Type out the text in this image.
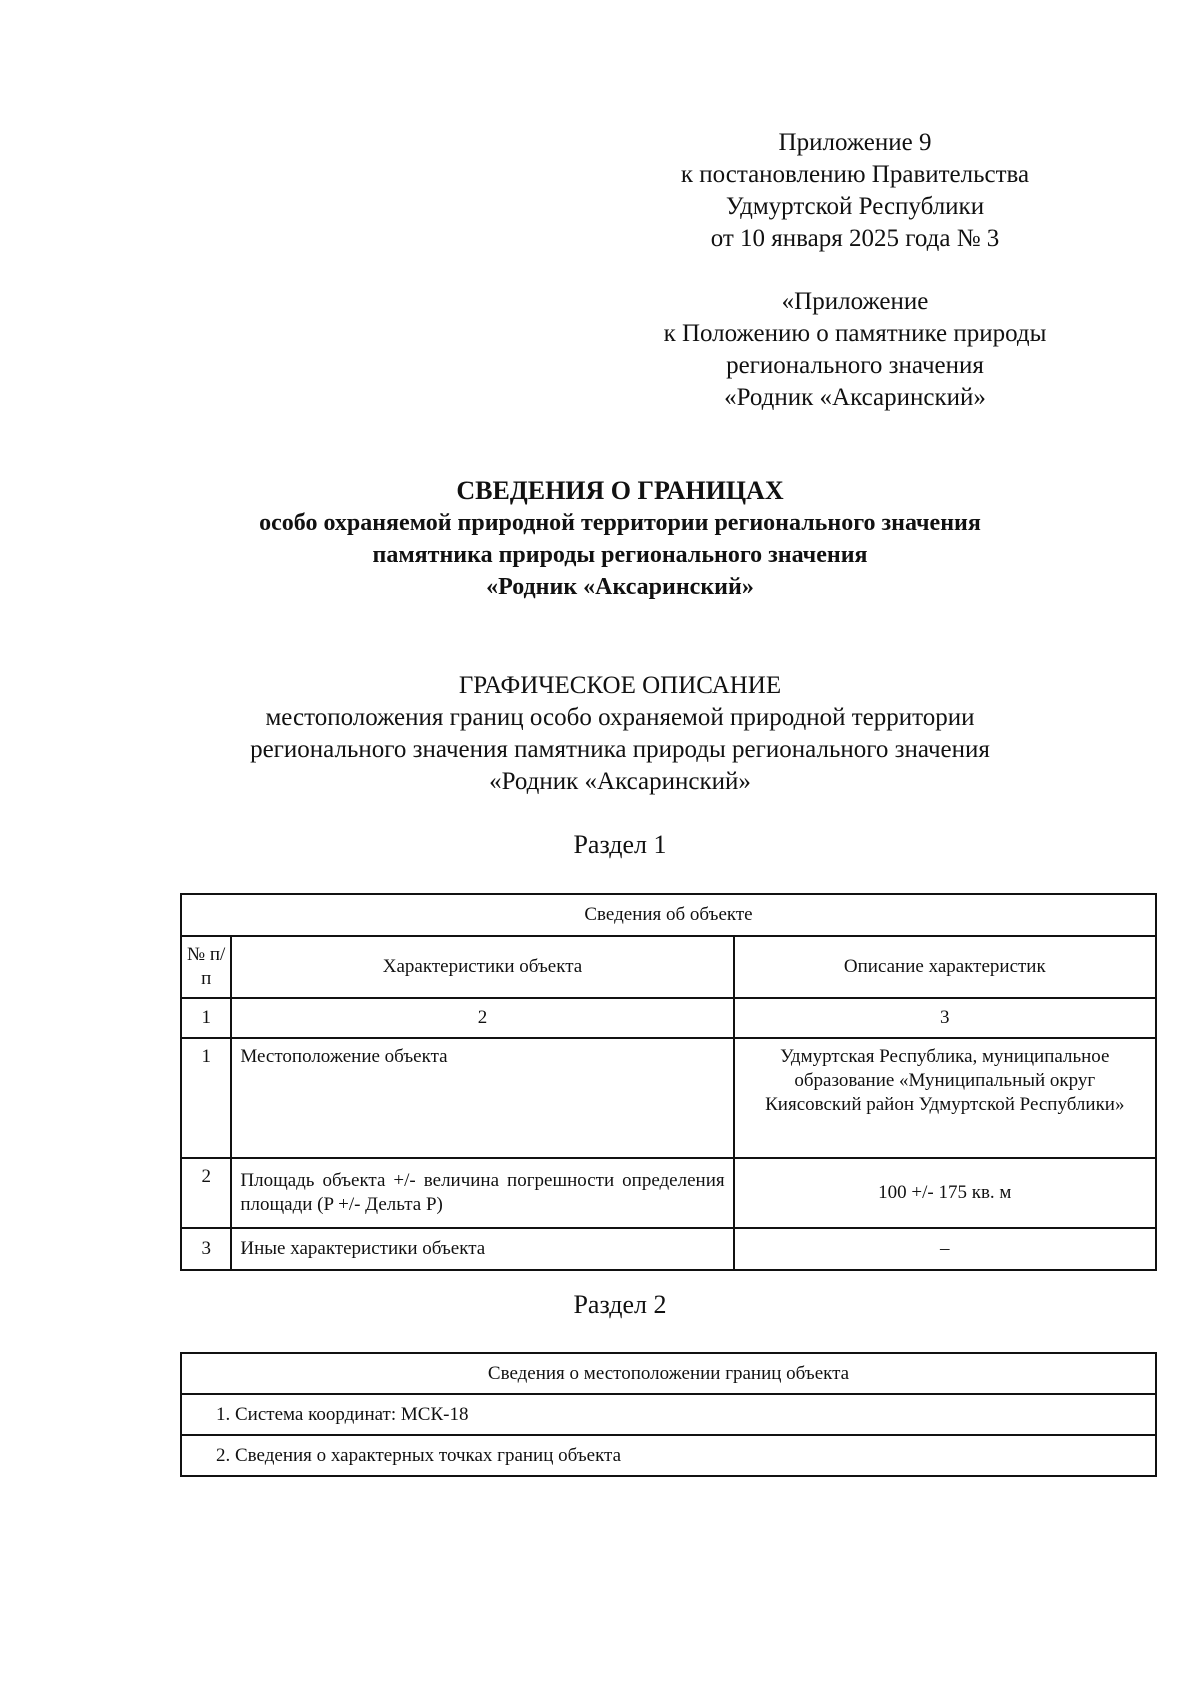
Приложение 9
к постановлению Правительства
Удмуртской Республики
от 10 января 2025 года № 3
«Приложение
к Положению о памятнике природы
регионального значения
«Родник «Аксаринский»
СВЕДЕНИЯ О ГРАНИЦАХ
особо охраняемой природной территории регионального значения
памятника природы регионального значения
«Родник «Аксаринский»
ГРАФИЧЕСКОЕ ОПИСАНИЕ
местоположения границ особо охраняемой природной территории
регионального значения памятника природы регионального значения
«Родник «Аксаринский»
Раздел 1
Сведения об объекте		
№ п/п	Характеристики объекта	Описание характеристик
1	2	3
1	Местоположение объекта	Удмуртская Республика, муниципальное образование «Муниципальный округ Киясовский район Удмуртской Республики»
2	Площадь объекта +/- величина погрешности определения площади (P +/- Дельта P)	100 +/- 175 кв. м
3	Иные характеристики объекта	–
Раздел 2
Сведения о местоположении границ объекта
1. Система координат: МСК-18
2. Сведения о характерных точках границ объекта
